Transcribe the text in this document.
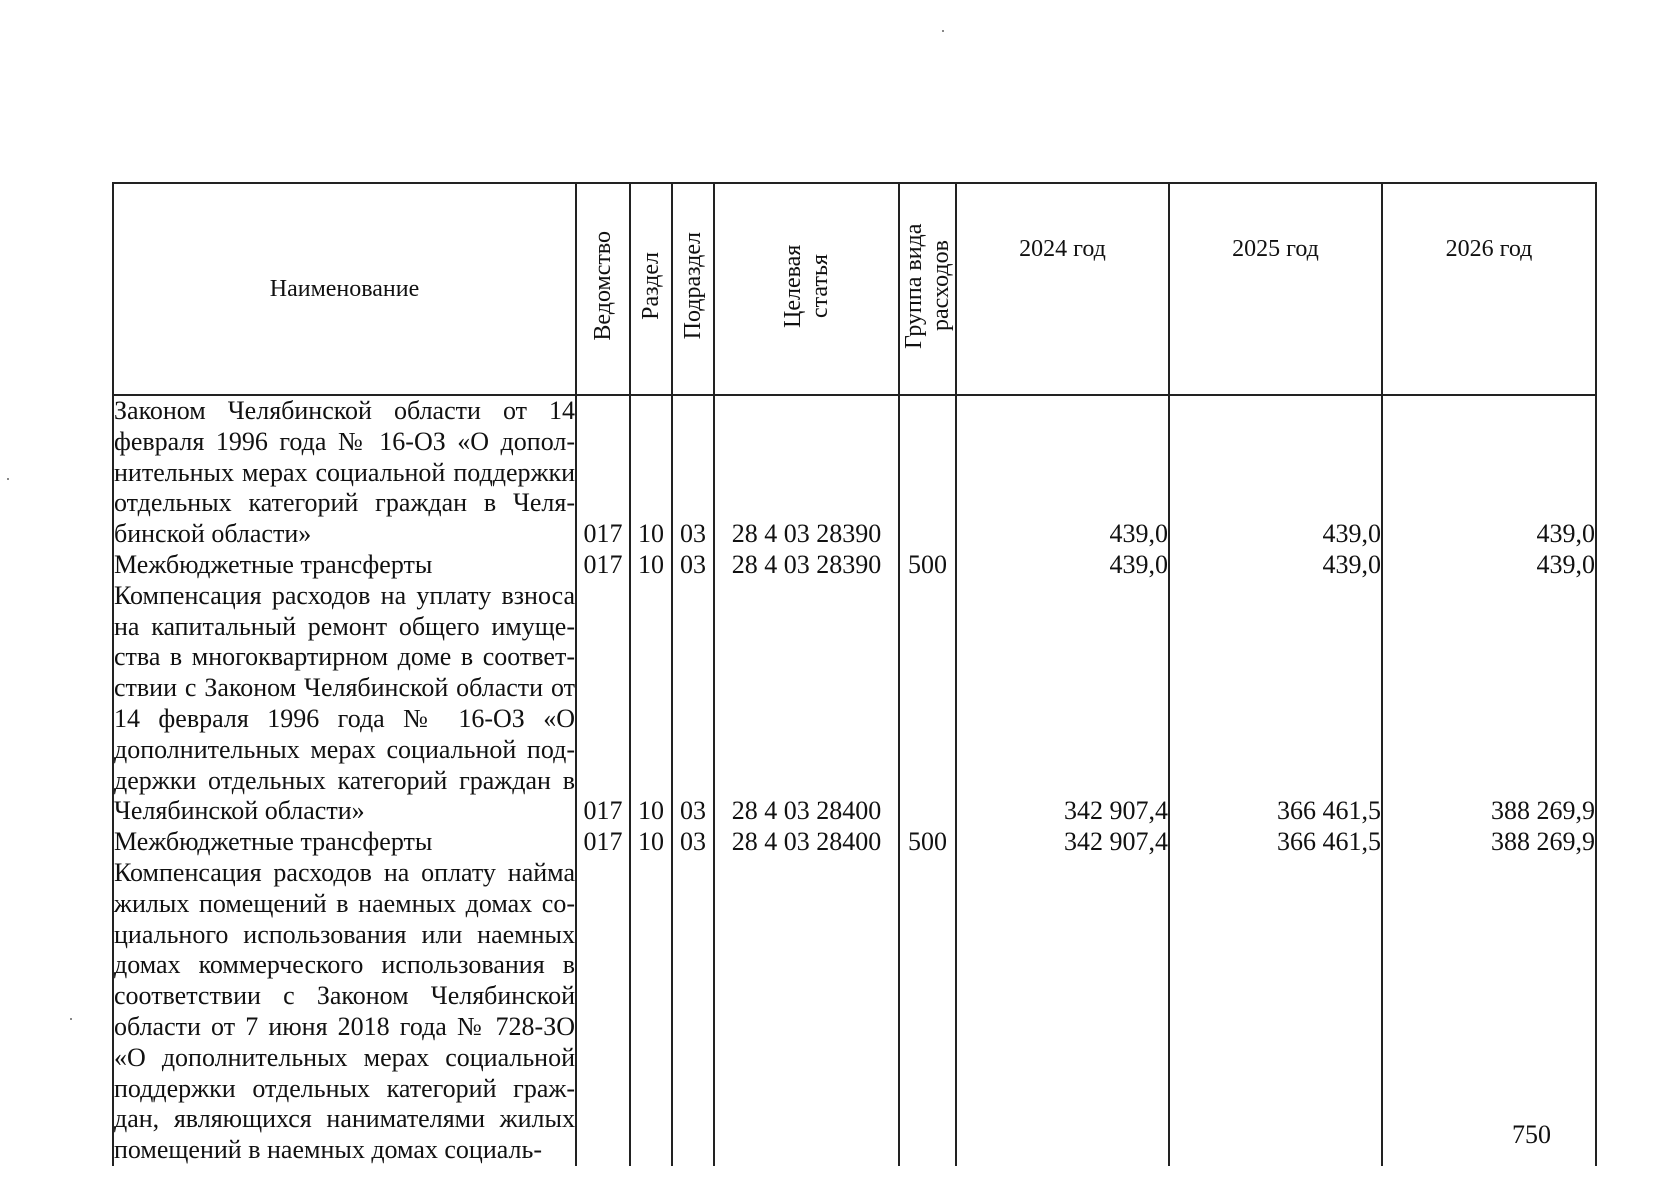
Наименование	Ведомство	Раздел	Подраздел	Целевая статья	Группа вида расходов	2024 год	2025 год	2026 год
Законом Челябинской области от 14 февраля 1996 года № 16-ОЗ «О дополнительных мерах социальной поддержки отдельных категорий граждан в Челябинской области»	017	10	03	28 4 03 28390		439,0	439,0	439,0
Межбюджетные трансферты	017	10	03	28 4 03 28390	500	439,0	439,0	439,0
Компенсация расходов на уплату взноса на капитальный ремонт общего имущества в многоквартирном доме в соответствии с Законом Челябинской области от 14 февраля 1996 года № 16-ОЗ «О дополнительных мерах социальной поддержки отдельных категорий граждан в Челябинской области»	017	10	03	28 4 03 28400		342 907,4	366 461,5	388 269,9
Межбюджетные трансферты	017	10	03	28 4 03 28400	500	342 907,4	366 461,5	388 269,9
Компенсация расходов на оплату найма жилых помещений в наемных домах социального использования или наемных домах коммерческого использования в соответствии с Законом Челябинской области от 7 июня 2018 года № 728-ЗО «О дополнительных мерах социальной поддержки отдельных категорий граждан, являющихся нанимателями жилых помещений в наемных домах социаль-								
750
